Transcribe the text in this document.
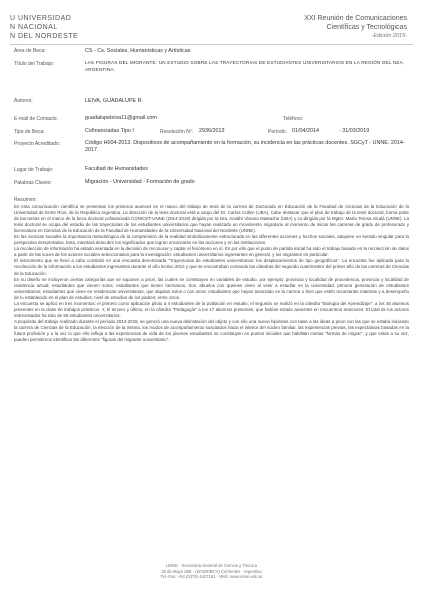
U UNIVERSIDAD
N NACIONAL
N DEL NORDESTE
XXI Reunión de Comunicaciones
Científicas y Tecnológicas
-Edición 2015-
Área de Beca:	CS - Cs. Sociales, Humanísticas y Artísticas
Título del Trabajo:	LAS FIGURAS DEL MIGRANTE: UN ESTUDIO SOBRE LAS TRAYECTORIAS DE ESTUDIANTES UNIVERSITARIOS EN LA REGIÓN DEL NEA, ARGENTINA.
Autores:	LEIVA, GUADALUPE R.
E-mail de Contacto:	guadalupeleiva11@gmail.com	Teléfono:
Tipo de Beca:	Cofinanciadas Tipo I	Resolución Nº: 2936/2013	Período: 01/04/2014	- 31/03/2019
Proyecto Acreditado:	Código H004-2013. Dispositivos de acompañamiento en la formación, su incidencia en las prácticas docentes. SGCyT - UNNE. 2014-2017.
Lugar de Trabajo:	Facultad de Humanidades
Palabras Claves:	Migración - Universidad - Formación de grado
Resumen:

En esta comunicación científica se presentan los primeros avances en el marco del trabajo de tesis de la carrera de Doctorado en Educación de la Facultad de Ciencias de la Educación de la Universidad de Entre Ríos, de la República Argentina. La dirección de la tesis doctoral está a cargo del Dr. Carlos Cullen (UBA). Cabe destacar que el plan de trabajo de la tesis doctoral, forma parte de las tareas en el marco de la beca doctoral cofinanciada CONICET-UNNE (2014-2019) dirigida por la Dra. Amalhi Viviana Mastache (UBA) y co-dirigida por la Mgter. María Teresa Alcalá (UNNE). La tesis doctoral se ocupa del estudio de las trayectorias de los estudiantes universitarios que hayan realizado un movimiento migratorio al momento de iniciar las carreras de grado de profesorado y licenciatura en Ciencias de la Educación de la Facultad de Humanidades de la Universidad Nacional del Nordeste (UNNE).

En las ciencias sociales la importancia metodológica de la comprensión de la realidad simbólicamente estructurada en las diferentes acciones y hechos sociales, adquiere un sentido singular para la perspectiva interpretativa. Esta, intentará descubrir los significados que logran encarnarse en las acciones y en las instituciones.

La recolección de información ha estado asentada en la decisión de reconocer y captar el fenómeno en sí. Es por ello que el punto de partida inicial ha sido el trabajo basado en la recolección de datos a partir de las voces de los actores sociales seleccionados para la investigación: estudiantes universitarios ingresantes en general, y los migrantes en particular.

El instrumento que se llevó a cabo consistió en una encuesta denominada "Trayectorias de estudiantes universitarios: los desplazamientos de tipo geográficos". La encuesta fue aplicada para la recolección de la información a los estudiantes ingresantes durante el año lectivo 2014 y que se encontraban cursando las cátedras del segundo cuatrimestre del primer año de las carreras de Ciencias de la Educación.

En su diseño se incluyeron ciertas categorías que se suponen a priori, las cuales se constituyen en variables de estudio, por ejemplo: provincia y localidad de procedencia, provincia y localidad de residencia actual; estudiantes que vienen solos; estudiantes que tienen hermanos, tíos, abuelos con quienes viven al venir a estudiar en la universidad, primera generación de estudiantes universitarios; estudiantes que viven en residencias universitarias, que alquilan solos o con otros; estudiantes que hayan avanzado en la carrera o bien que estén recursando materias y a desempeño de lo establecido en el plan de estudios; nivel de estudios de los padres; entre otros.

La encuesta se aplicó en tres momentos: el primero como aplicación piloto a 4 estudiantes de la población en estudio; el segundo se realizó en la cátedra "Biología del Aprendizaje", a los 35 alumnos presentes en la clase de trabajos prácticos. Y, el tercero y último, en la cátedra "Pedagogía" a los 17 alumnos presentes, que habían estado ausentes en encuentros anteriores. El total de los actores entrevistados ha sido de 56 estudiantes universitarios.

A propósito del trabajo realizado durante el período 2014-2015, se generó una nueva delimitación del objeto y con ello una nueva hipótesis con base a las ideas a priori con las que se estaba iniciando la carrera de Ciencias de la Educación, la elección de la misma, los modos de acompañamiento suscitados hacia el interior del núcleo familiar, las experiencias previas, las expectativas basadas en la futura profesión y a la vez lo que ello refleja a las experiencias de vida de los jóvenes estudiantes se constituyen en puntos iniciales que habilitan ciertas "formas de migrar", y que estas a su vez, pueden permitirnos identificar las diferentes "figuras del migrante universitario".

UNNE - Secretaría General de Ciencia y Técnica
25 de Mayo 868 - (W3400BCV) Corrientes - Argentina
Tel.-Fax: +54 (0379) 4427181 - Web: www.unne.edu.ar
